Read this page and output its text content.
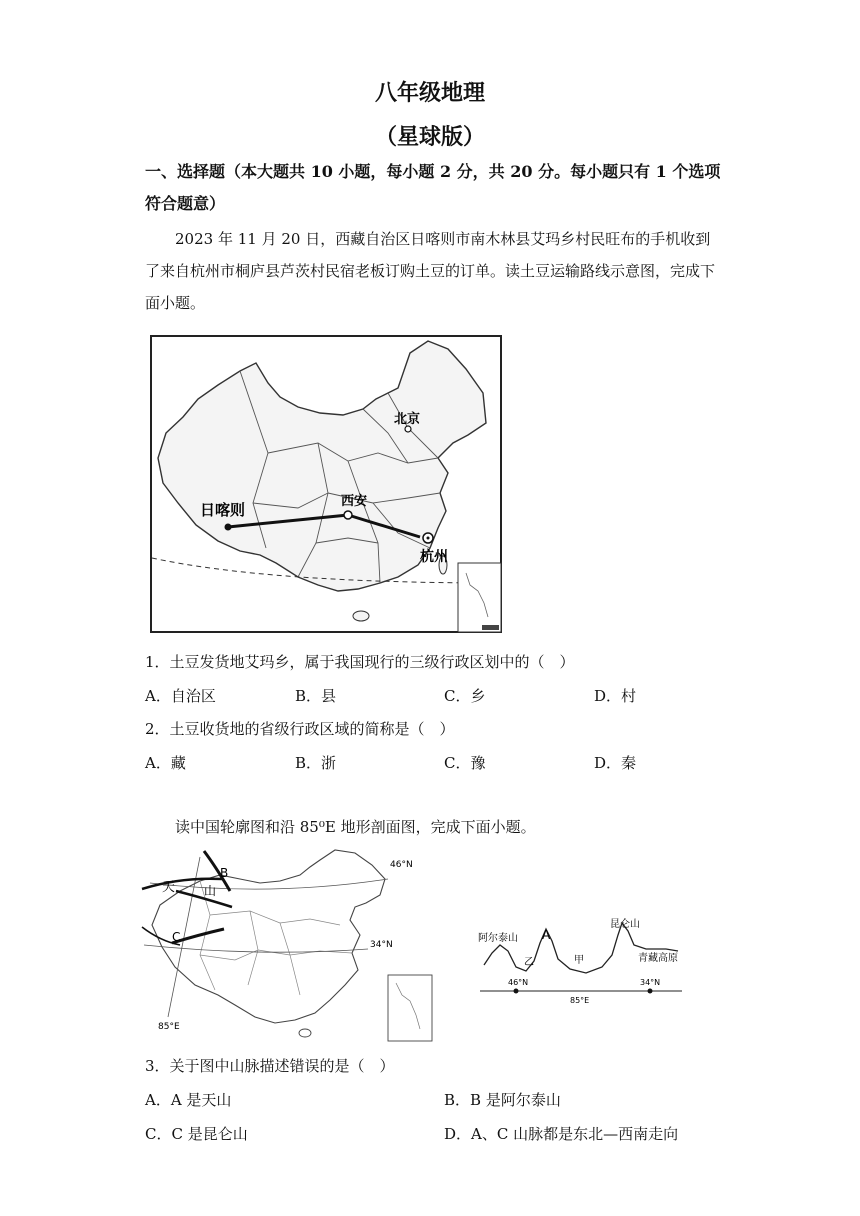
八年级地理
（星球版）
一、选择题（本大题共 10 小题，每小题 2 分，共 20 分。每小题只有 1 个选项符合题意）
2023 年 11 月 20 日，西藏自治区日喀则市南木林县艾玛乡村民旺布的手机收到了来自杭州市桐庐县芦茨村民宿老板订购土豆的订单。读土豆运输路线示意图，完成下面小题。
日喀则	西安
杭州
北京
1．土豆发货地艾玛乡，属于我国现行的三级行政区划中的（　）
A．自治区	B．县	C．乡	D．村
2．土豆收货地的省级行政区域的简称是（　）
A．藏	B．浙	C．豫	D．秦
读中国轮廓图和沿 85⁰E 地形剖面图，完成下面小题。
天 山
B
C
46°N
34°N
85°E
阿尔泰山 A
昆仑山
乙	甲	青藏高原
46°N	34°N
85°E
3．关于图中山脉描述错误的是（　）
A．A 是天山	B．B 是阿尔泰山
C．C 是昆仑山	D．A、C 山脉都是东北—西南走向
